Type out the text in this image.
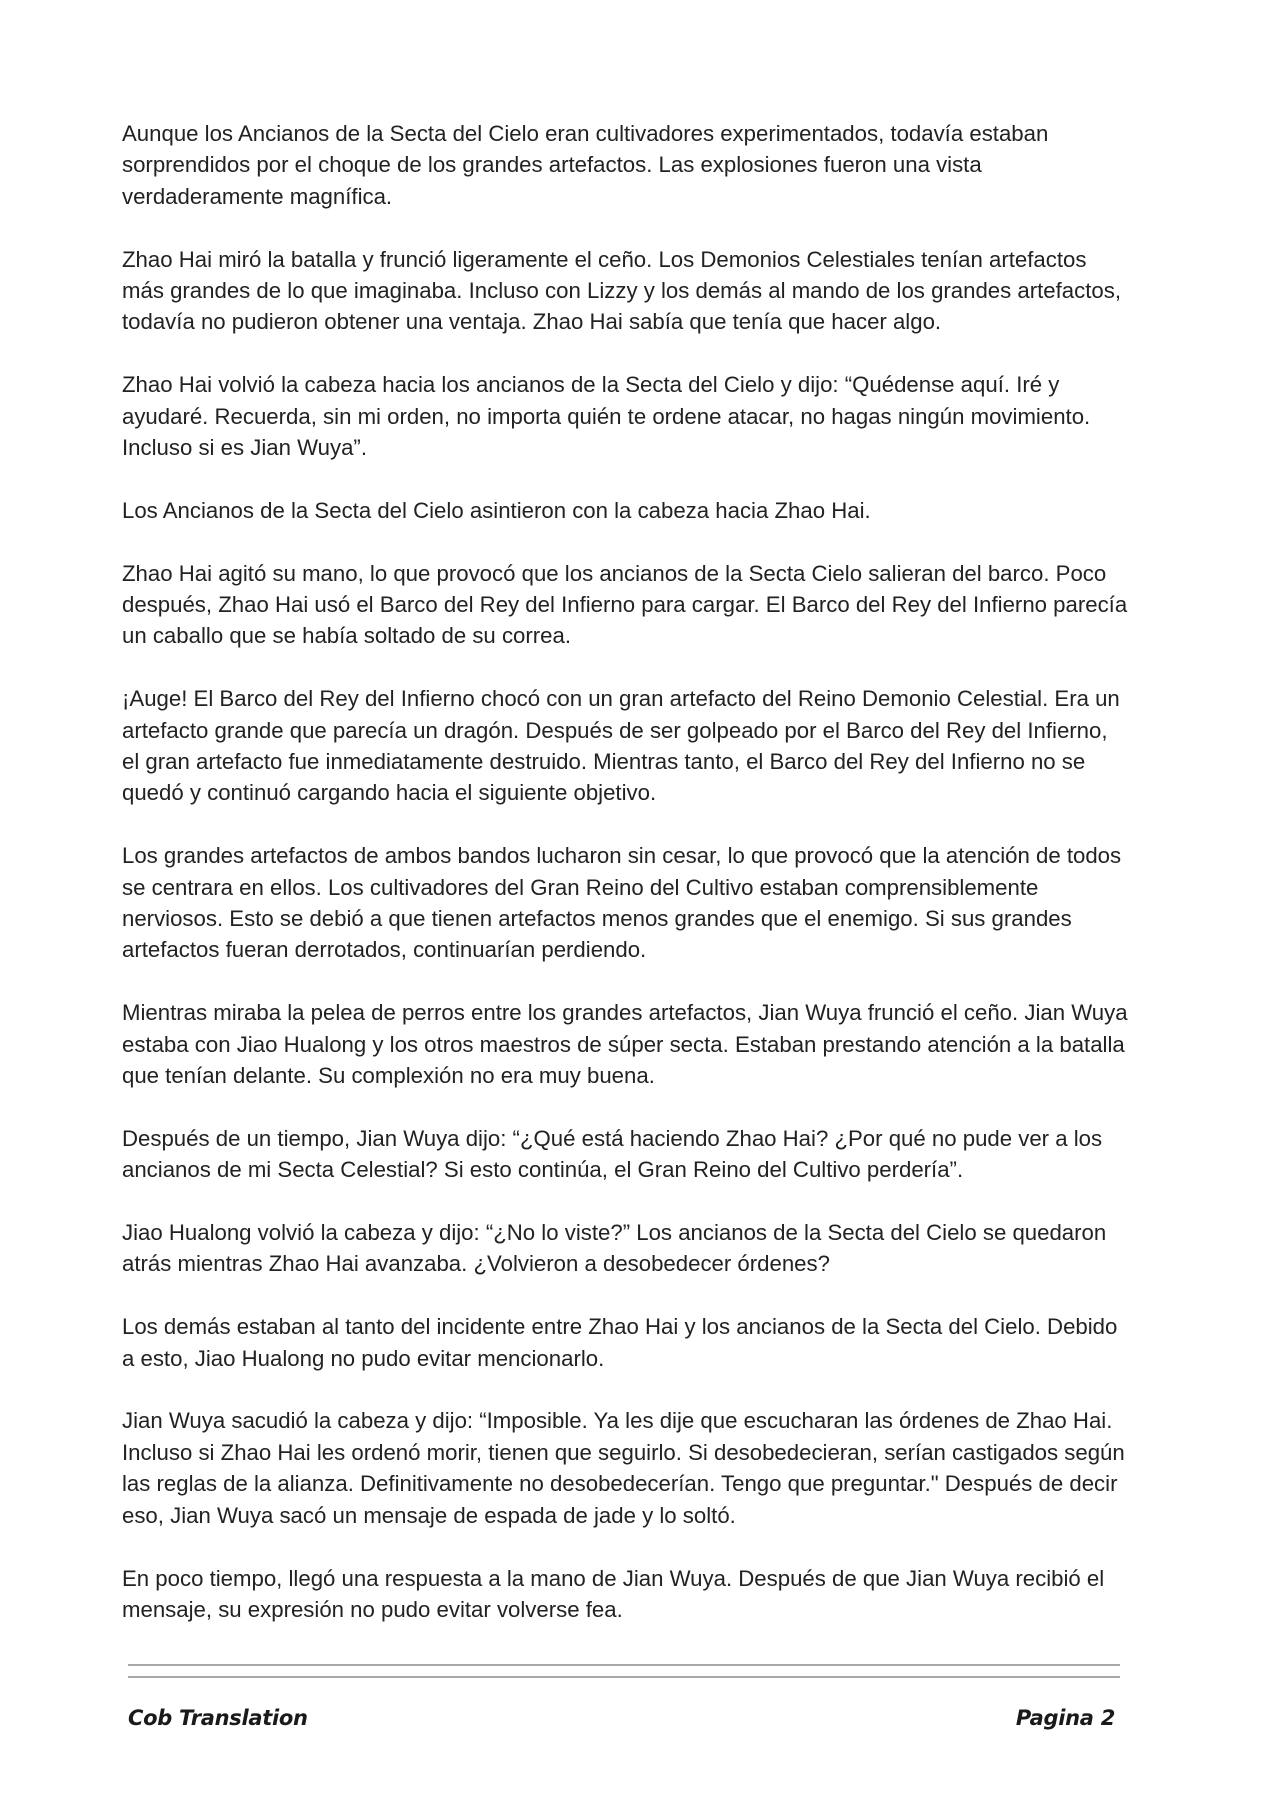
Aunque los Ancianos de la Secta del Cielo eran cultivadores experimentados, todavía estaban sorprendidos por el choque de los grandes artefactos. Las explosiones fueron una vista verdaderamente magnífica.

Zhao Hai miró la batalla y frunció ligeramente el ceño. Los Demonios Celestiales tenían artefactos más grandes de lo que imaginaba. Incluso con Lizzy y los demás al mando de los grandes artefactos, todavía no pudieron obtener una ventaja. Zhao Hai sabía que tenía que hacer algo.

Zhao Hai volvió la cabeza hacia los ancianos de la Secta del Cielo y dijo: “Quédense aquí. Iré y ayudaré. Recuerda, sin mi orden, no importa quién te ordene atacar, no hagas ningún movimiento. Incluso si es Jian Wuya”.

Los Ancianos de la Secta del Cielo asintieron con la cabeza hacia Zhao Hai.

Zhao Hai agitó su mano, lo que provocó que los ancianos de la Secta Cielo salieran del barco. Poco después, Zhao Hai usó el Barco del Rey del Infierno para cargar. El Barco del Rey del Infierno parecía un caballo que se había soltado de su correa.

¡Auge! El Barco del Rey del Infierno chocó con un gran artefacto del Reino Demonio Celestial. Era un artefacto grande que parecía un dragón. Después de ser golpeado por el Barco del Rey del Infierno, el gran artefacto fue inmediatamente destruido. Mientras tanto, el Barco del Rey del Infierno no se quedó y continuó cargando hacia el siguiente objetivo.

Los grandes artefactos de ambos bandos lucharon sin cesar, lo que provocó que la atención de todos se centrara en ellos. Los cultivadores del Gran Reino del Cultivo estaban comprensiblemente nerviosos. Esto se debió a que tienen artefactos menos grandes que el enemigo. Si sus grandes artefactos fueran derrotados, continuarían perdiendo.

Mientras miraba la pelea de perros entre los grandes artefactos, Jian Wuya frunció el ceño. Jian Wuya estaba con Jiao Hualong y los otros maestros de súper secta. Estaban prestando atención a la batalla que tenían delante. Su complexión no era muy buena.

Después de un tiempo, Jian Wuya dijo: “¿Qué está haciendo Zhao Hai? ¿Por qué no pude ver a los ancianos de mi Secta Celestial? Si esto continúa, el Gran Reino del Cultivo perdería”.

Jiao Hualong volvió la cabeza y dijo: “¿No lo viste?” Los ancianos de la Secta del Cielo se quedaron atrás mientras Zhao Hai avanzaba. ¿Volvieron a desobedecer órdenes?

Los demás estaban al tanto del incidente entre Zhao Hai y los ancianos de la Secta del Cielo. Debido a esto, Jiao Hualong no pudo evitar mencionarlo.

Jian Wuya sacudió la cabeza y dijo: “Imposible. Ya les dije que escucharan las órdenes de Zhao Hai. Incluso si Zhao Hai les ordenó morir, tienen que seguirlo. Si desobedecieran, serían castigados según las reglas de la alianza. Definitivamente no desobedecerían. Tengo que preguntar." Después de decir eso, Jian Wuya sacó un mensaje de espada de jade y lo soltó.

En poco tiempo, llegó una respuesta a la mano de Jian Wuya. Después de que Jian Wuya recibió el mensaje, su expresión no pudo evitar volverse fea.

Cob Translation	Pagina 2
